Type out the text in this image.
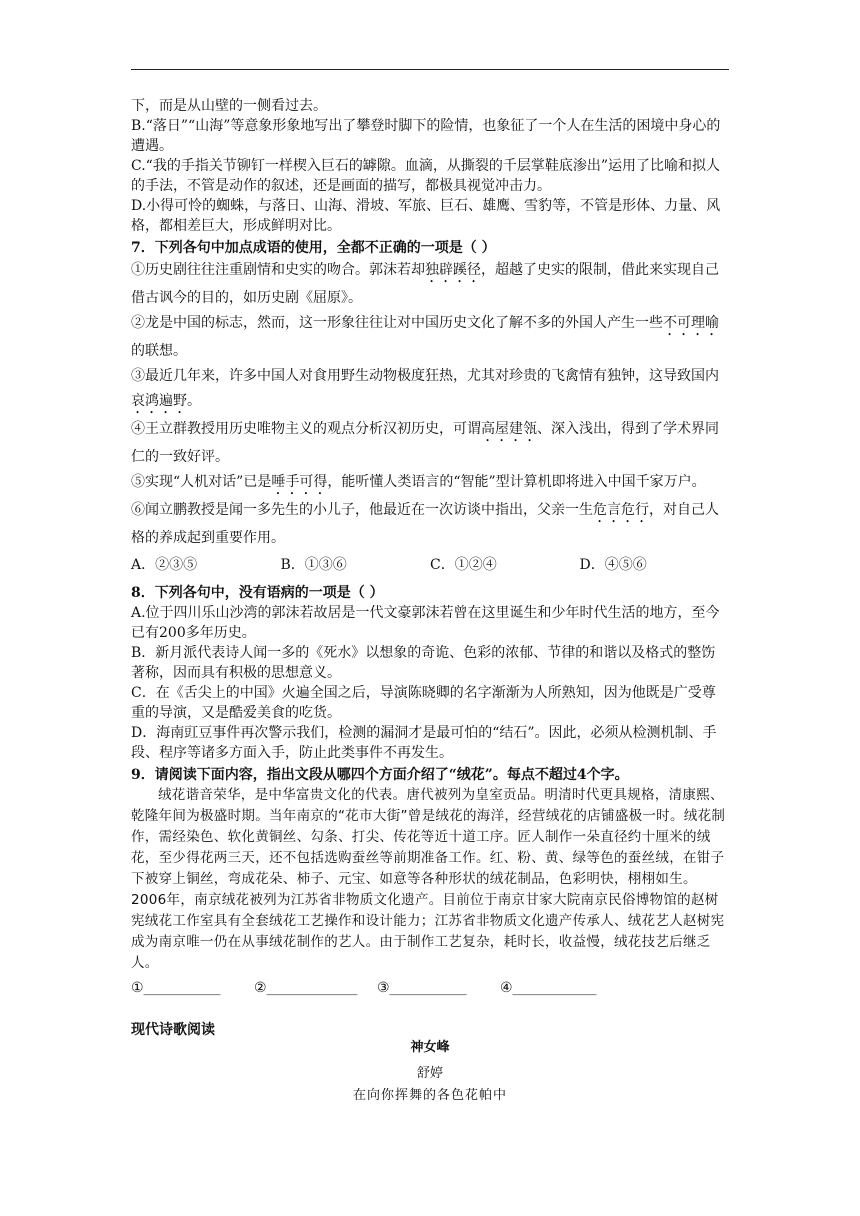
下，而是从山壁的一侧看过去。

B.“落日”“山海”等意象形象地写出了攀登时脚下的险情，也象征了一个人在生活的困境中身心的遭遇。

C.“我的手指关节铆钉一样楔入巨石的罅隙。血滴，从撕裂的千层掌鞋底渗出”运用了比喻和拟人的手法，不管是动作的叙述，还是画面的描写，都极具视觉冲击力。

D.小得可怜的蜘蛛，与落日、山海、滑坡、军旅、巨石、雄鹰、雪豹等，不管是形体、力量、风格，都相差巨大，形成鲜明对比。

7．下列各句中加点成语的使用，全都不正确的一项是（ ）

①历史剧往往注重剧情和史实的吻合。郭沫若却独辟蹊径，超越了史实的限制，借此来实现自己借古讽今的目的，如历史剧《屈原》。

②龙是中国的标志，然而，这一形象往往让对中国历史文化了解不多的外国人产生一些不可理喻的联想。

③最近几年来，许多中国人对食用野生动物极度狂热，尤其对珍贵的飞禽情有独钟，这导致国内哀鸿遍野。

④王立群教授用历史唯物主义的观点分析汉初历史，可谓高屋建瓴、深入浅出，得到了学术界同仁的一致好评。

⑤实现“人机对话”已是唾手可得，能听懂人类语言的“智能”型计算机即将进入中国千家万户。

⑥闻立鹏教授是闻一多先生的小儿子，他最近在一次访谈中指出，父亲一生危言危行，对自己人格的养成起到重要作用。

A．②③⑤	B．①③⑥	C．①②④	D．④⑤⑥

8．下列各句中，没有语病的一项是（ ）

A.位于四川乐山沙湾的郭沫若故居是一代文豪郭沫若曾在这里诞生和少年时代生活的地方，至今已有200多年历史。

B．新月派代表诗人闻一多的《死水》以想象的奇诡、色彩的浓郁、节律的和谐以及格式的整饬著称，因而具有积极的思想意义。

C．在《舌尖上的中国》火遍全国之后，导演陈晓卿的名字渐渐为人所熟知，因为他既是广受尊重的导演，又是酷爱美食的吃货。

D．海南豇豆事件再次警示我们，检测的漏洞才是最可怕的“结石”。因此，必须从检测机制、手段、程序等诸多方面入手，防止此类事件不再发生。

9．请阅读下面内容，指出文段从哪四个方面介绍了“绒花”。每点不超过4个字。

绒花谐音荣华，是中华富贵文化的代表。唐代被列为皇室贡品。明清时代更具规格，清康熙、乾隆年间为极盛时期。当年南京的“花市大街”曾是绒花的海洋，经营绒花的店铺盛极一时。绒花制作，需经染色、软化黄铜丝、勾条、打尖、传花等近十道工序。匠人制作一朵直径约十厘米的绒花，至少得花两三天，还不包括选购蚕丝等前期准备工作。红、粉、黄、绿等色的蚕丝绒，在钳子下被穿上铜丝，弯成花朵、柿子、元宝、如意等各种形状的绒花制品，色彩明快，栩栩如生。2006年，南京绒花被列为江苏省非物质文化遗产。目前位于南京甘家大院南京民俗博物馆的赵树宪绒花工作室具有全套绒花工艺操作和设计能力；江苏省非物质文化遗产传承人、绒花艺人赵树宪成为南京唯一仍在从事绒花制作的艺人。由于制作工艺复杂，耗时长，收益慢，绒花技艺后继乏人。

①___________	②_____________	③___________	④____________

现代诗歌阅读

神女峰
舒婷
在向你挥舞的各色花帕中
